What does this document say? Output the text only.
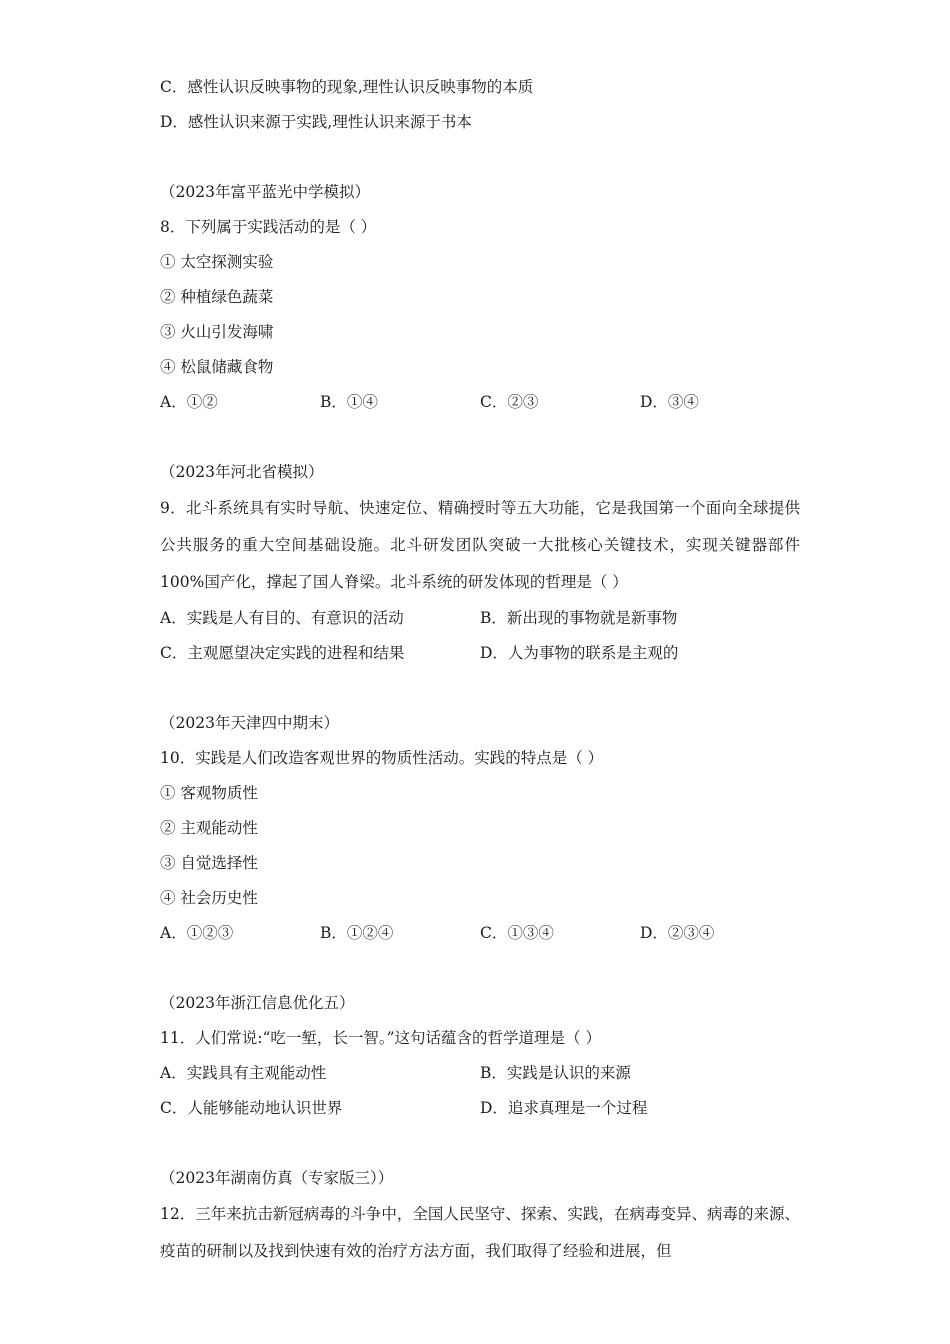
C．感性认识反映事物的现象,理性认识反映事物的本质
D．感性认识来源于实践,理性认识来源于书本
（2023年富平蓝光中学模拟）
8．下列属于实践活动的是（ ）
① 太空探测实验
② 种植绿色蔬菜
③ 火山引发海啸
④ 松鼠储藏食物
A．①②	B．①④	C．②③	D．③④
（2023年河北省模拟）
9．北斗系统具有实时导航、快速定位、精确授时等五大功能，它是我国第一个面向全球提供公共服务的重大空间基础设施。北斗研发团队突破一大批核心关键技术，实现关键器部件100%国产化，撑起了国人脊梁。北斗系统的研发体现的哲理是（ ）
A．实践是人有目的、有意识的活动	B．新出现的事物就是新事物
C．主观愿望决定实践的进程和结果	D．人为事物的联系是主观的
（2023年天津四中期末）
10．实践是人们改造客观世界的物质性活动。实践的特点是（ ）
① 客观物质性
② 主观能动性
③ 自觉选择性
④ 社会历史性
A．①②③	B．①②④	C．①③④	D．②③④
（2023年浙江信息优化五）
11．人们常说:“吃一堑，长一智。”这句话蕴含的哲学道理是（ ）
A．实践具有主观能动性	B．实践是认识的来源
C．人能够能动地认识世界	D．追求真理是一个过程
（2023年湖南仿真（专家版三））
12．三年来抗击新冠病毒的斗争中，全国人民坚守、探索、实践，在病毒变异、病毒的来源、疫苗的研制以及找到快速有效的治疗方法方面，我们取得了经验和进展，但
